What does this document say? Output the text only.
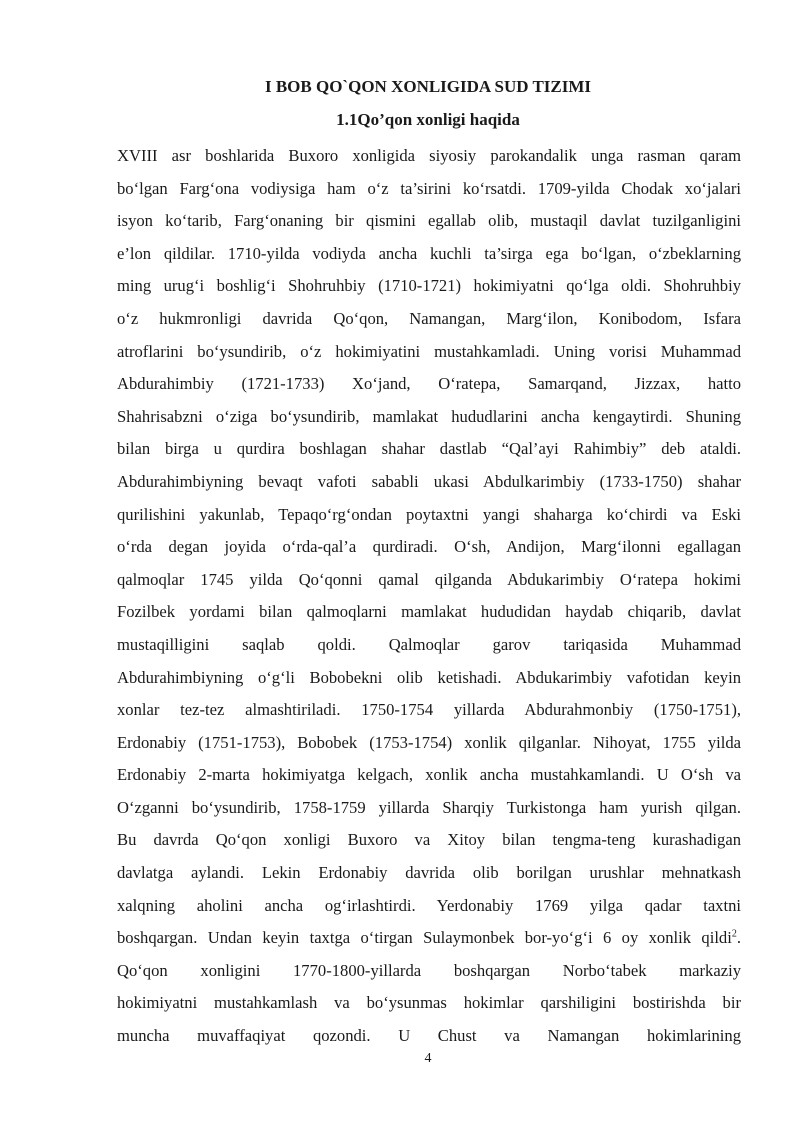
I BOB QO`QON XONLIGIDA SUD TIZIMI
1.1Qo’qon xonligi haqida
XVIII asr boshlarida Buxoro xonligida siyosiy parokandalik unga rasman qaram
bo‘lgan Farg‘ona vodiysiga ham o‘z ta’sirini ko‘rsatdi. 1709-yilda Chodak xo‘jalari
isyon ko‘tarib, Farg‘onaning bir qismini egallab olib, mustaqil davlat tuzilganligini
e’lon qildilar. 1710-yilda vodiyda ancha kuchli ta’sirga ega bo‘lgan, o‘zbeklarning
ming urug‘i boshlig‘i Shohruhbiy (1710-1721) hokimiyatni qo‘lga oldi. Shohruhbiy
o‘z hukmronligi davrida Qo‘qon, Namangan, Marg‘ilon, Konibodom, Isfara
atroflarini bo‘ysundirib, o‘z hokimiyatini mustahkamladi. Uning vorisi Muhammad
Abdurahimbiy (1721-1733) Xo‘jand, O‘ratepa, Samarqand, Jizzax, hatto
Shahrisabzni o‘ziga bo‘ysundirib, mamlakat hududlarini ancha kengaytirdi. Shuning
bilan birga u qurdira boshlagan shahar dastlab “Qal’ayi Rahimbiy” deb ataldi.
Abdurahimbiyning bevaqt vafoti sababli ukasi Abdulkarimbiy (1733-1750) shahar
qurilishini yakunlab, Tepaqo‘rg‘ondan poytaxtni yangi shaharga ko‘chirdi va Eski
o‘rda degan joyida o‘rda-qal’a qurdiradi. O‘sh, Andijon, Marg‘ilonni egallagan
qalmoqlar 1745 yilda Qo‘qonni qamal qilganda Abdukarimbiy O‘ratepa hokimi
Fozilbek yordami bilan qalmoqlarni mamlakat hududidan haydab chiqarib, davlat
mustaqilligini saqlab qoldi. Qalmoqlar garov tariqasida Muhammad
Abdurahimbiyning o‘g‘li Bobobekni olib ketishadi. Abdukarimbiy vafotidan keyin
xonlar tez-tez almashtiriladi. 1750-1754 yillarda Abdurahmonbiy (1750-1751),
Erdonabiy (1751-1753), Bobobek (1753-1754) xonlik qilganlar. Nihoyat, 1755 yilda
Erdonabiy 2-marta hokimiyatga kelgach, xonlik ancha mustahkamlandi. U O‘sh va
O‘zganni bo‘ysundirib, 1758-1759 yillarda Sharqiy Turkistonga ham yurish qilgan.
Bu davrda Qo‘qon xonligi Buxoro va Xitoy bilan tengma-teng kurashadigan
davlatga aylandi. Lekin Erdonabiy davrida olib borilgan urushlar mehnatkash
xalqning aholini ancha og‘irlashtirdi. Yerdonabiy 1769 yilga qadar taxtni
boshqargan. Undan keyin taxtga o‘tirgan Sulaymonbek bor-yo‘g‘i 6 oy xonlik qildi$^2$.
Qo‘qon xonligini 1770-1800-yillarda boshqargan Norbo‘tabek markaziy
hokimiyatni mustahkamlash va bo‘ysunmas hokimlar qarshiligini bostirishda bir
muncha muvaffaqiyat qozondi. U Chust va Namangan hokimlarining
4
